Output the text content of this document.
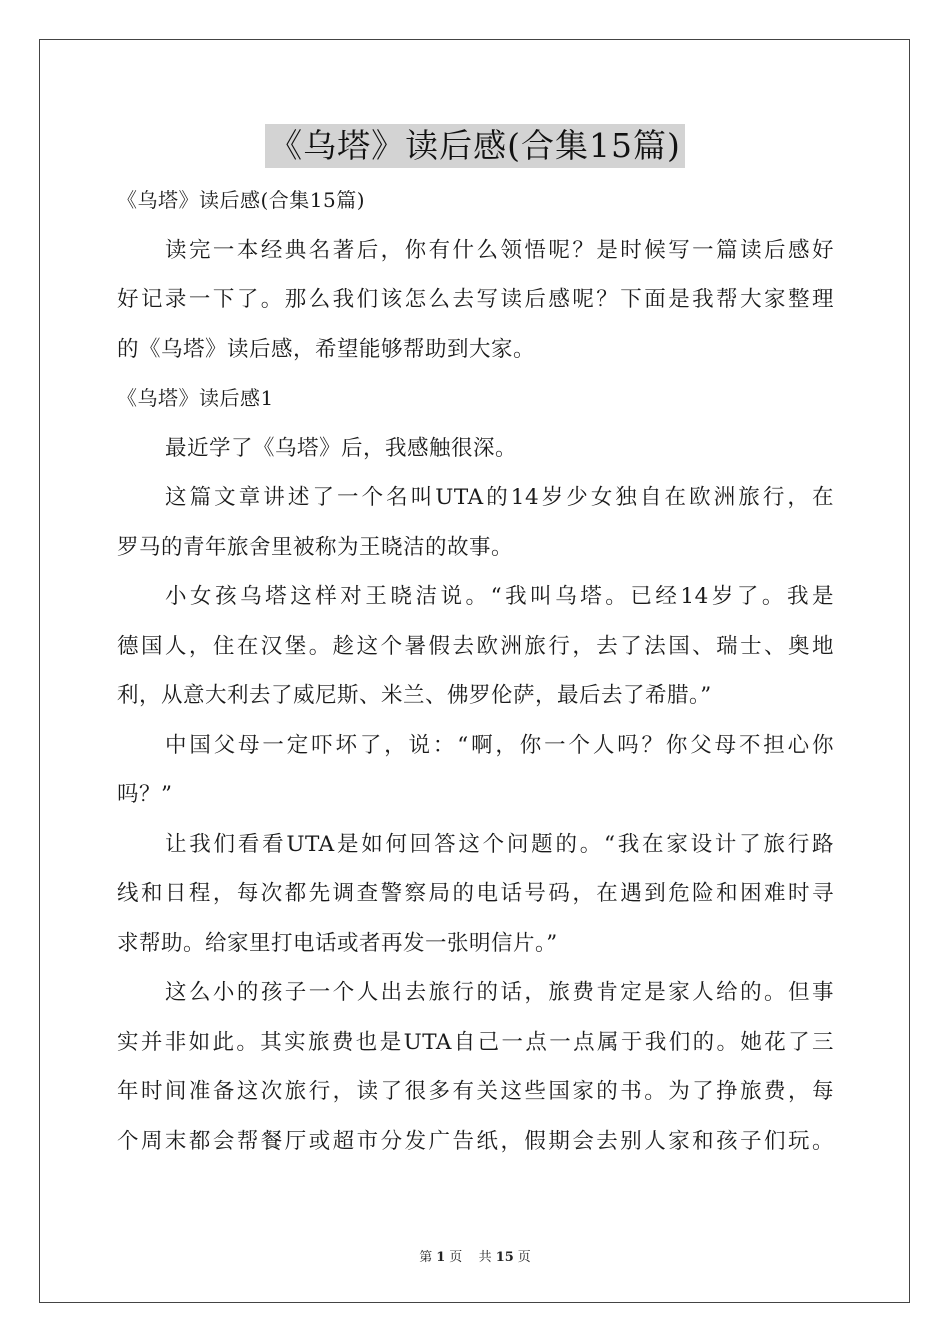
《乌塔》读后感(合集15篇)
《乌塔》读后感(合集15篇)
读完一本经典名著后，你有什么领悟呢？是时候写一篇读后感好
好记录一下了。那么我们该怎么去写读后感呢？下面是我帮大家整理
的《乌塔》读后感，希望能够帮助到大家。
《乌塔》读后感1
最近学了《乌塔》后，我感触很深。
这篇文章讲述了一个名叫UTA的14岁少女独自在欧洲旅行，在
罗马的青年旅舍里被称为王晓洁的故事。
小女孩乌塔这样对王晓洁说。“我叫乌塔。已经14岁了。我是
德国人，住在汉堡。趁这个暑假去欧洲旅行，去了法国、瑞士、奥地
利，从意大利去了威尼斯、米兰、佛罗伦萨，最后去了希腊。”
中国父母一定吓坏了，说：“啊，你一个人吗？你父母不担心你
吗？”
让我们看看UTA是如何回答这个问题的。“我在家设计了旅行路
线和日程，每次都先调查警察局的电话号码，在遇到危险和困难时寻
求帮助。给家里打电话或者再发一张明信片。”
这么小的孩子一个人出去旅行的话，旅费肯定是家人给的。但事
实并非如此。其实旅费也是UTA自己一点一点属于我们的。她花了三
年时间准备这次旅行，读了很多有关这些国家的书。为了挣旅费，每
个周末都会帮餐厅或超市分发广告纸，假期会去别人家和孩子们玩。
第 1 页 共 15 页
